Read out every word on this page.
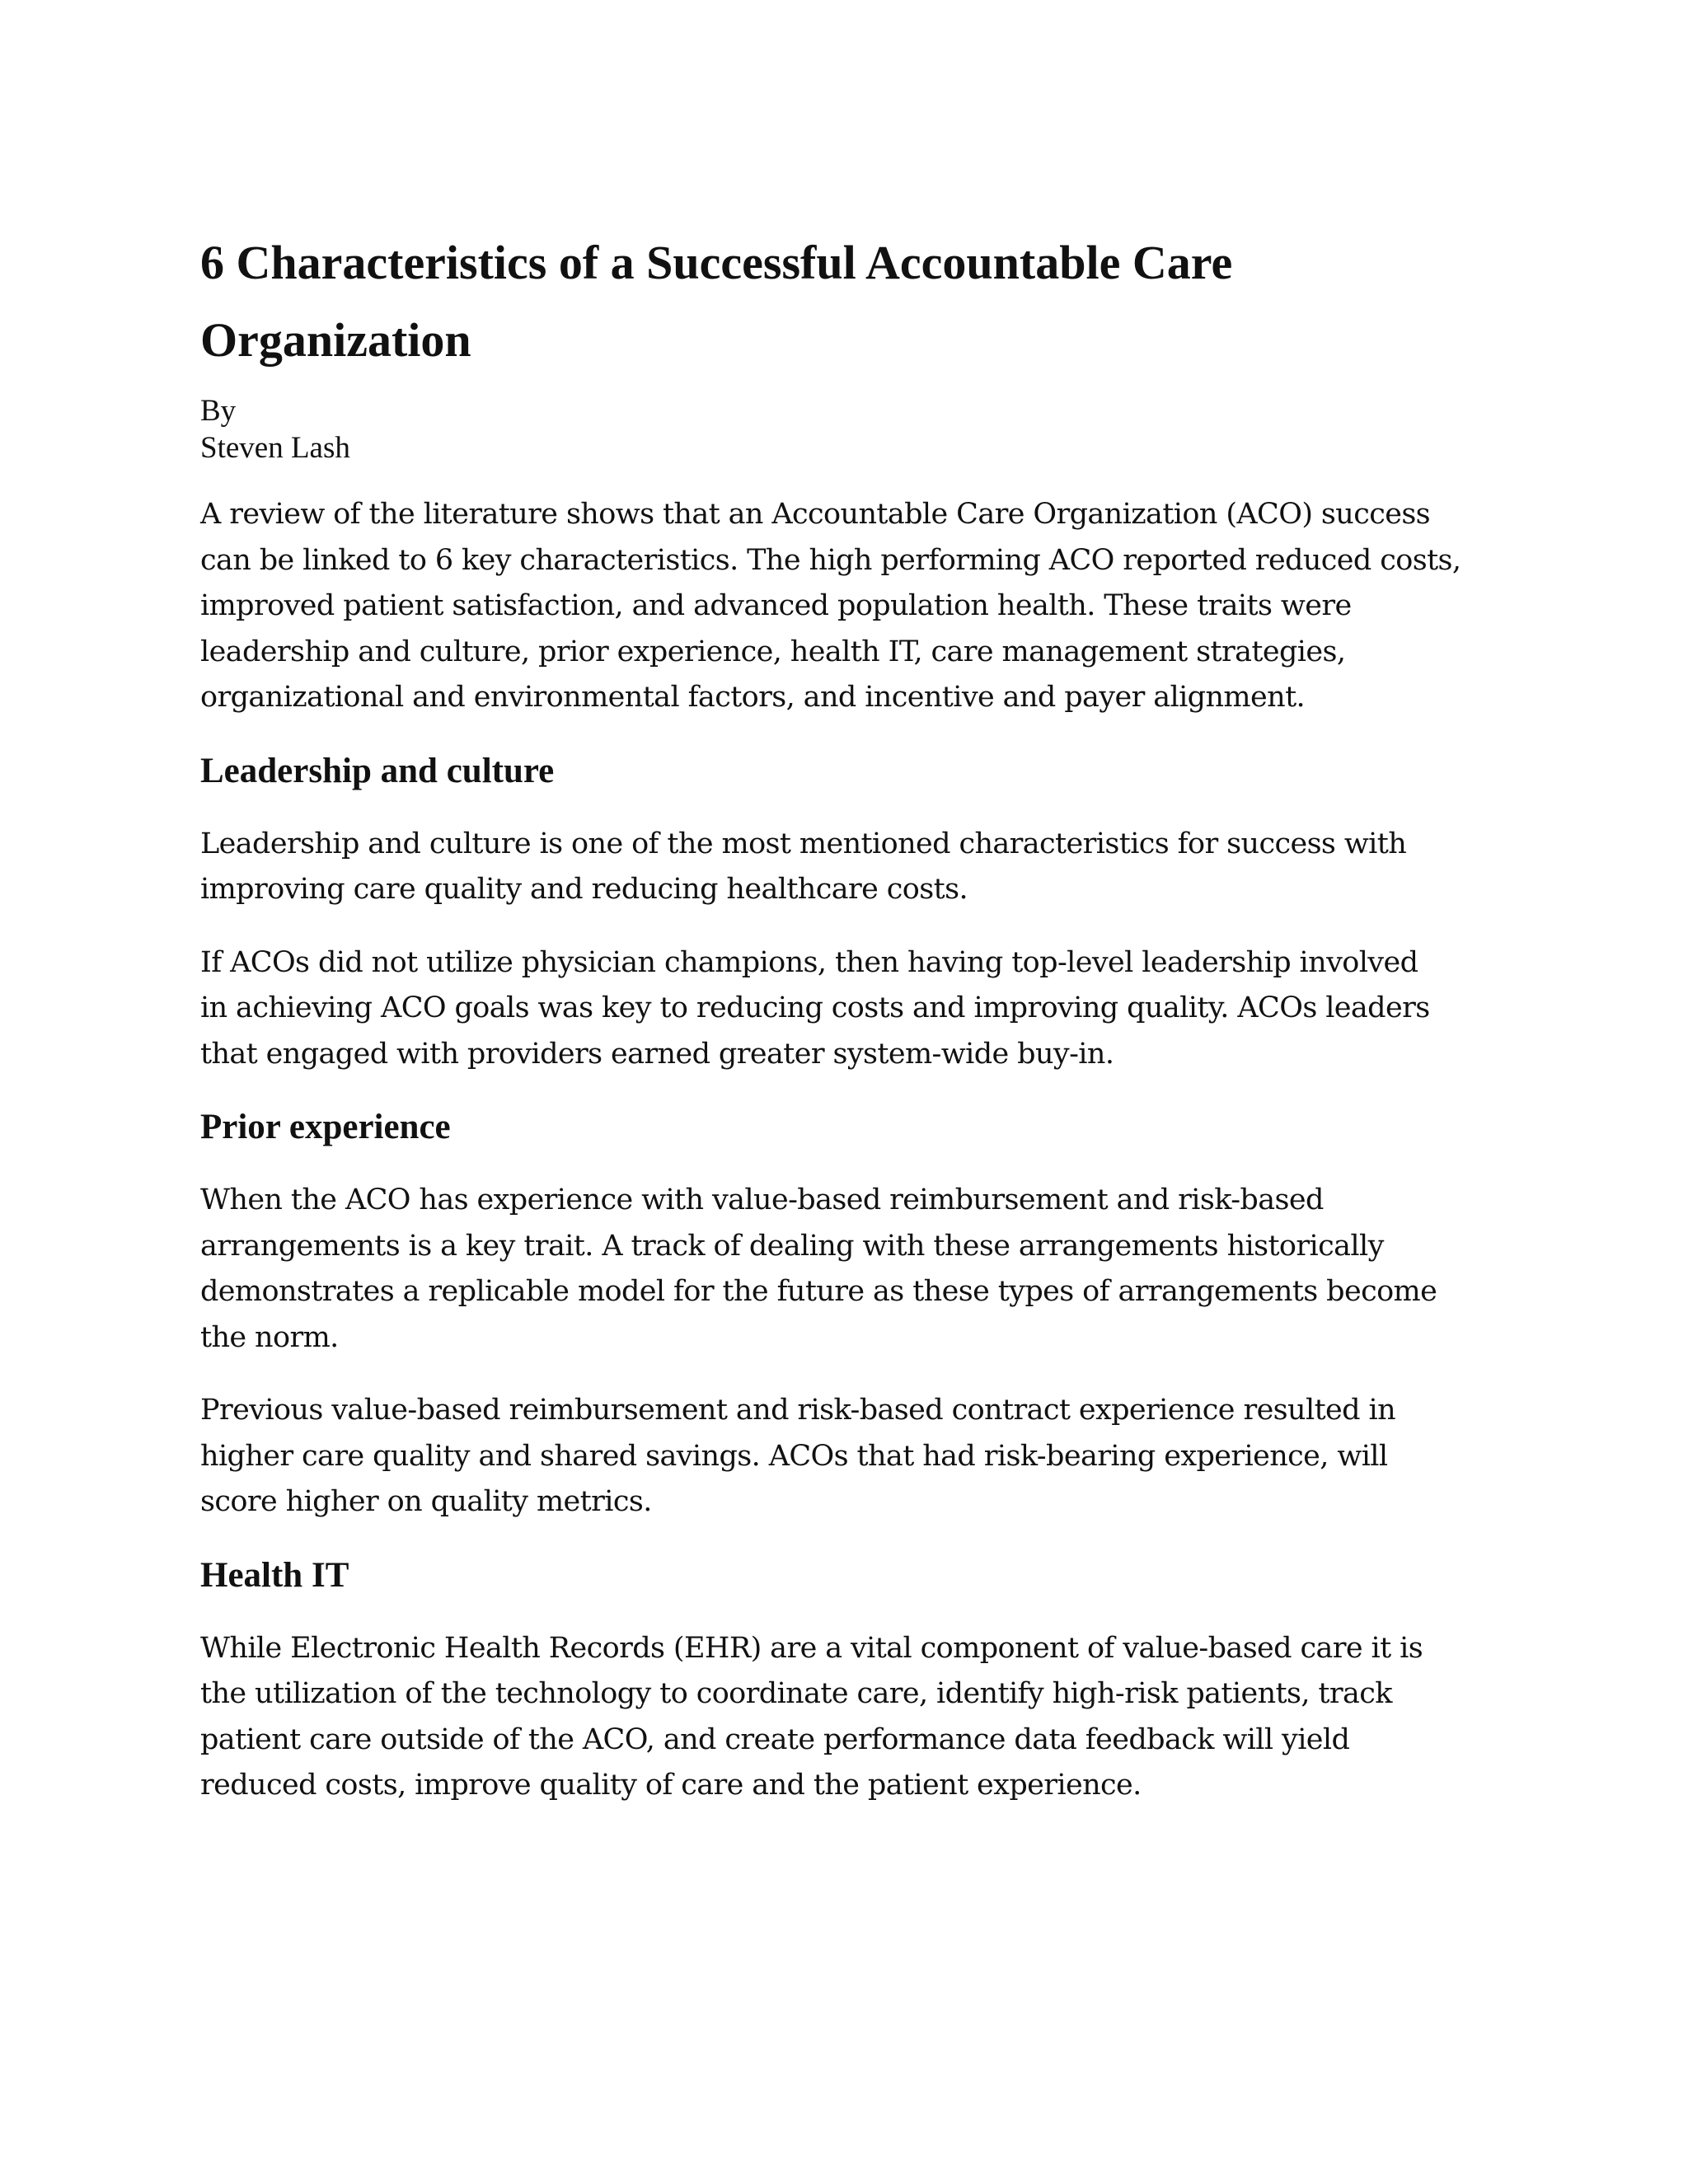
6 Characteristics of a Successful Accountable Care
Organization
By
Steven Lash

A review of the literature shows that an Accountable Care Organization (ACO) success
can be linked to 6 key characteristics. The high performing ACO reported reduced costs,
improved patient satisfaction, and advanced population health. These traits were
leadership and culture, prior experience, health IT, care management strategies,
organizational and environmental factors, and incentive and payer alignment.

Leadership and culture

Leadership and culture is one of the most mentioned characteristics for success with
improving care quality and reducing healthcare costs.

If ACOs did not utilize physician champions, then having top-level leadership involved
in achieving ACO goals was key to reducing costs and improving quality. ACOs leaders
that engaged with providers earned greater system-wide buy-in.

Prior experience

When the ACO has experience with value-based reimbursement and risk-based
arrangements is a key trait. A track of dealing with these arrangements historically
demonstrates a replicable model for the future as these types of arrangements become
the norm.

Previous value-based reimbursement and risk-based contract experience resulted in
higher care quality and shared savings. ACOs that had risk-bearing experience, will
score higher on quality metrics.

Health IT

While Electronic Health Records (EHR) are a vital component of value-based care it is
the utilization of the technology to coordinate care, identify high-risk patients, track
patient care outside of the ACO, and create performance data feedback will yield
reduced costs, improve quality of care and the patient experience.
